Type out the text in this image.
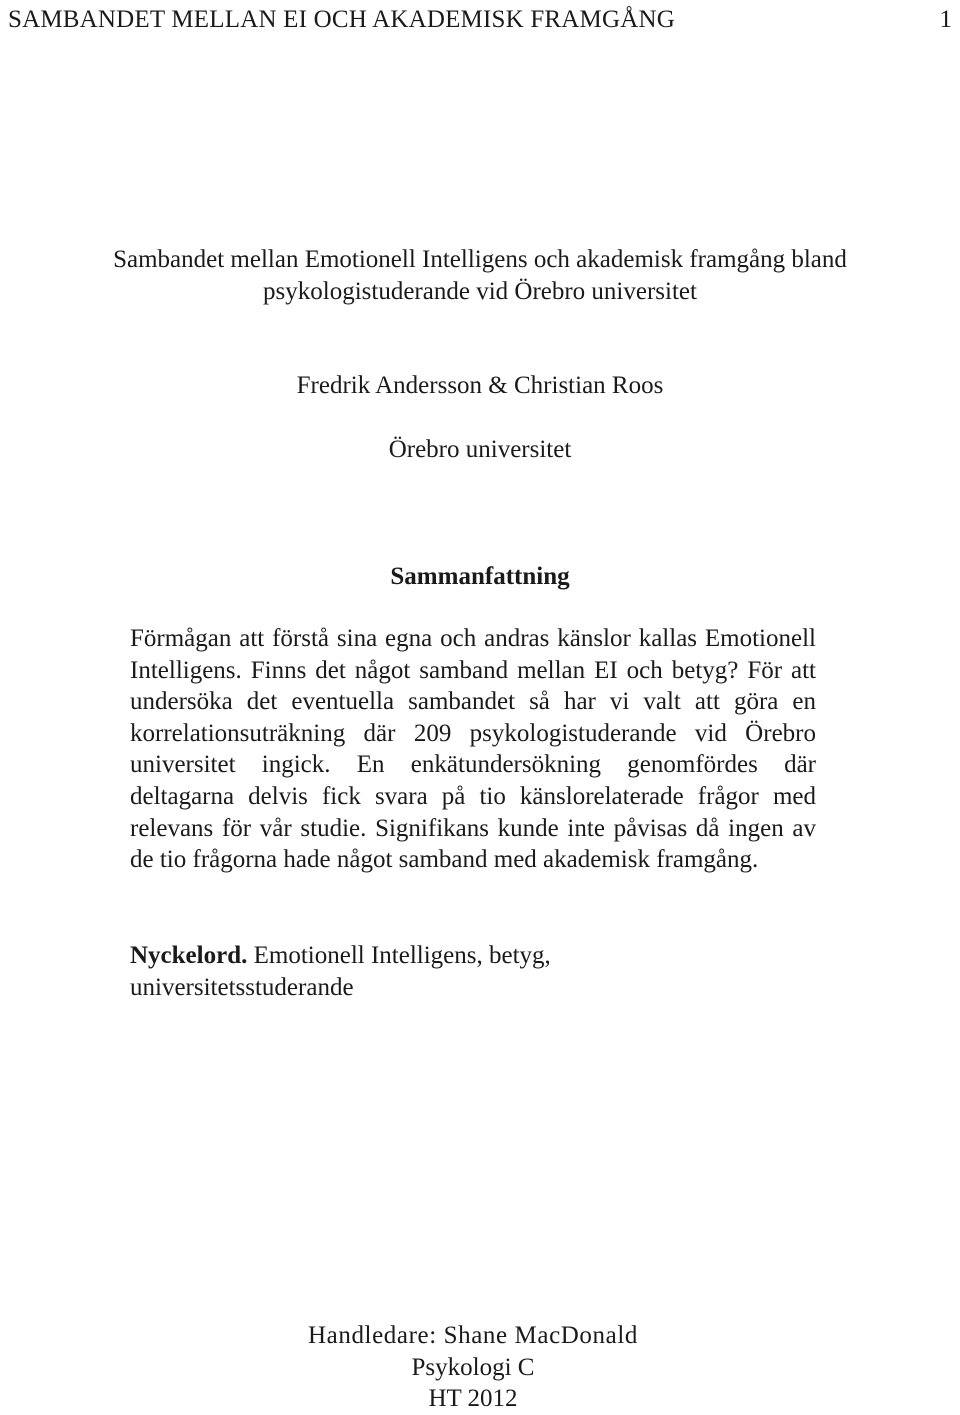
SAMBANDET MELLAN EI OCH AKADEMISK FRAMGÅNG	1
Sambandet mellan Emotionell Intelligens och akademisk framgång bland
psykologistuderande vid Örebro universitet
Fredrik Andersson & Christian Roos
Örebro universitet
Sammanfattning
Förmågan att förstå sina egna och andras känslor kallas Emotionell Intelligens. Finns det något samband mellan EI och betyg? För att undersöka det eventuella sambandet så har vi valt att göra en korrelationsuträkning där 209 psykologistuderande vid Örebro universitet ingick. En enkätundersökning genomfördes där deltagarna delvis fick svara på tio känslorelaterade frågor med relevans för vår studie. Signifikans kunde inte påvisas då ingen av de tio frågorna hade något samband med akademisk framgång.
Nyckelord. Emotionell Intelligens, betyg, universitetsstuderande
Handledare: Shane MacDonald
Psykologi C
HT 2012
